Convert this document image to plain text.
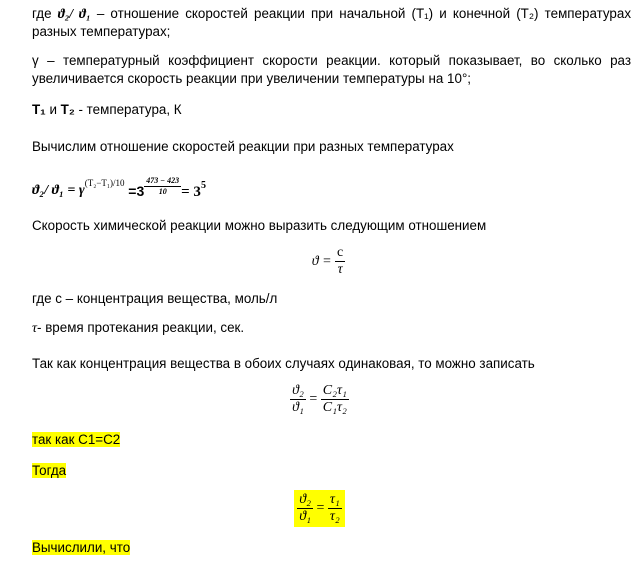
где ϑ₂/ ϑ₁ – отношение скоростей реакции при начальной (T₁) и конечной (T₂) температурах разных температурах;
γ – температурный коэффициент скорости реакции. который показывает, во сколько раз увеличивается скорость реакции при увеличении температуры на 10°;
T₁ и T₂ - температура, К
Вычислим отношение скоростей реакции при разных температурах
ϑ₂/ $ϑ_1 = \gamma^{(T_2-T_1)/10} =3 \frac{473 - 423}{10} = 35$
Скорость химической реакции можно выразить следующим отношением
$ϑ = \frac{c}{\tau}$
где c – концентрация вещества, моль/л
τ- время протекания реакции, сек.
Так как концентрация вещества в обоих случаях одинаковая, то можно записать
$\frac{\text{ϑ₂}}{\text{ϑ₁}} = \frac{\text{C₂τ₁}}{\text{C₁τ₂}}$
так как С1=С2
Тогда
$\frac{\text{ϑ₂}}{\text{ϑ₁}} = \frac{\text{τ₁}}{\text{τ₂}}$
Вычислили, что
